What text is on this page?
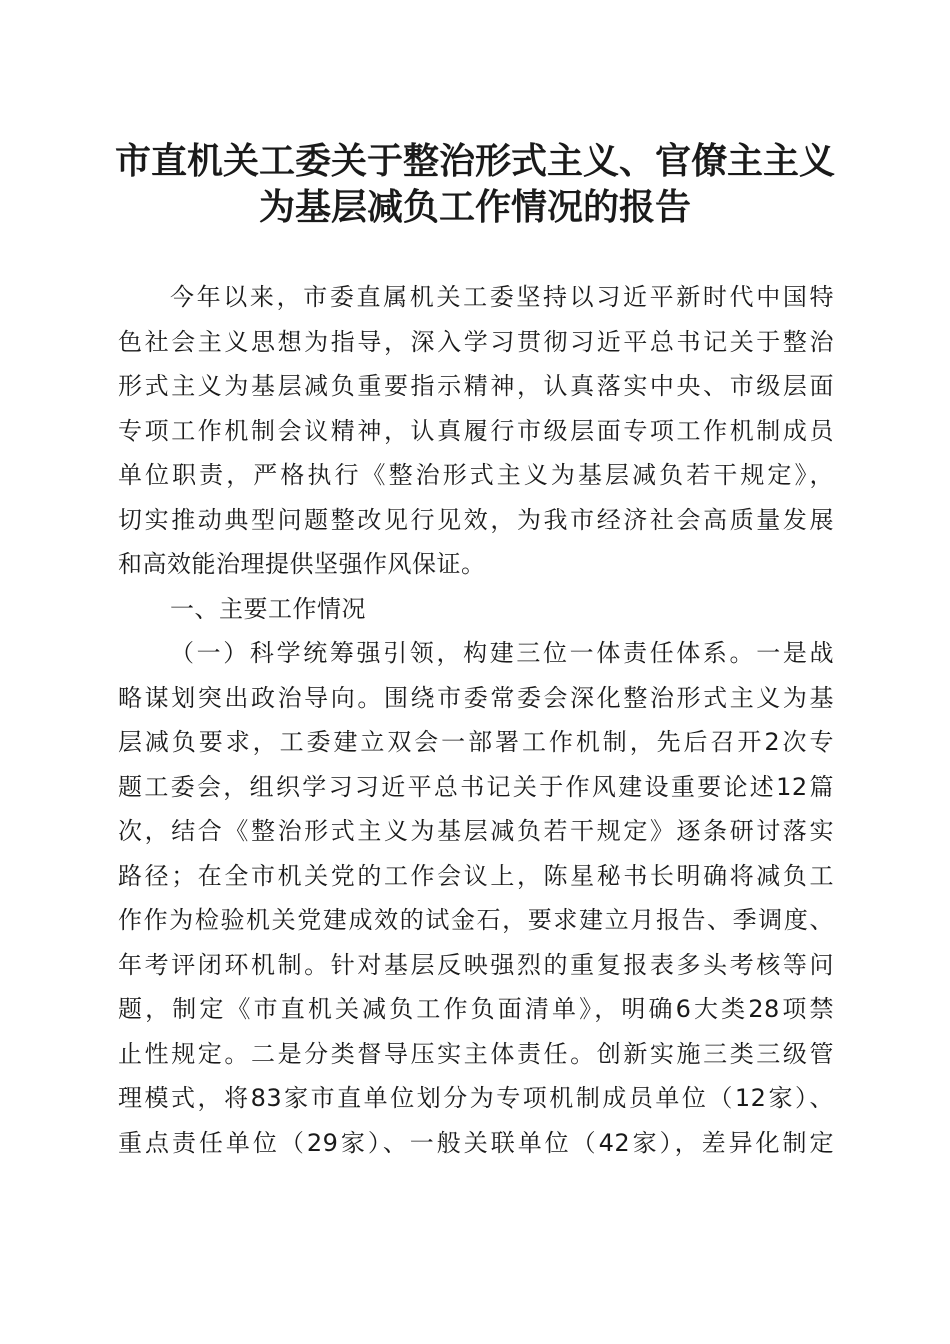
市直机关工委关于整治形式主义、官僚主主义
为基层减负工作情况的报告
今年以来，市委直属机关工委坚持以习近平新时代中国特
色社会主义思想为指导，深入学习贯彻习近平总书记关于整治
形式主义为基层减负重要指示精神，认真落实中央、市级层面
专项工作机制会议精神，认真履行市级层面专项工作机制成员
单位职责，严格执行《整治形式主义为基层减负若干规定》，
切实推动典型问题整改见行见效，为我市经济社会高质量发展
和高效能治理提供坚强作风保证。
一、主要工作情况
（一）科学统筹强引领，构建三位一体责任体系。一是战
略谋划突出政治导向。围绕市委常委会深化整治形式主义为基
层减负要求，工委建立双会一部署工作机制，先后召开2次专
题工委会，组织学习习近平总书记关于作风建设重要论述12篇
次，结合《整治形式主义为基层减负若干规定》逐条研讨落实
路径；在全市机关党的工作会议上，陈星秘书长明确将减负工
作作为检验机关党建成效的试金石，要求建立月报告、季调度、
年考评闭环机制。针对基层反映强烈的重复报表多头考核等问
题，制定《市直机关减负工作负面清单》，明确6大类28项禁
止性规定。二是分类督导压实主体责任。创新实施三类三级管
理模式，将83家市直单位划分为专项机制成员单位（12家）、
重点责任单位（29家）、一般关联单位（42家），差异化制定
